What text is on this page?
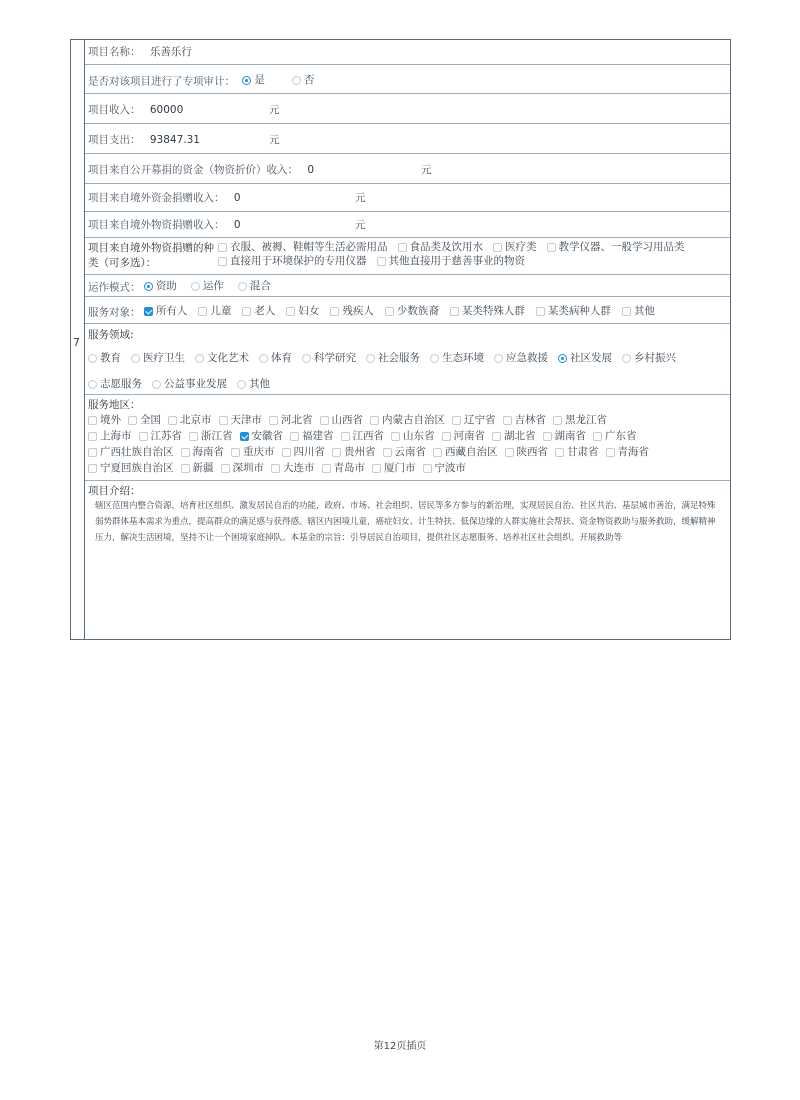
7
项目名称： 乐善乐行
是否对该项目进行了专项审计： 是	否
项目收入： 60000	元
项目支出： 93847.31	元
项目来自公开募捐的资金（物资折价）收入： 0	元
项目来自境外资金捐赠收入： 0	元
项目来自境外物资捐赠收入： 0	元
项目来自境外物资捐赠的种
类（可多选）：
衣服、被褥、鞋帽等生活必需用品 食品类及饮用水 医疗类 教学仪器、一般学习用品类
直接用于环境保护的专用仪器 其他直接用于慈善事业的物资
运作模式： 资助 运作 混合
服务对象： 所有人 儿童 老人 妇女 残疾人 少数族裔 某类特殊人群 某类病种人群 其他
服务领域:
教育 医疗卫生 文化艺术 体育 科学研究 社会服务 生态环境 应急救援 社区发展 乡村振兴
志愿服务 公益事业发展 其他
服务地区：
境外 全国 北京市 天津市 河北省 山西省 内蒙古自治区 辽宁省 吉林省 黑龙江省
上海市 江苏省 浙江省 安徽省 福建省 江西省 山东省 河南省 湖北省 湖南省 广东省
广西壮族自治区 海南省 重庆市 四川省 贵州省 云南省 西藏自治区 陕西省 甘肃省 青海省
宁夏回族自治区 新疆 深圳市 大连市 青岛市 厦门市 宁波市
项目介绍：
辖区范围内整合资源，培育社区组织、激发居民自治的功能，政府、市场、社会组织、居民等多方参与的新治理，实现居民自治、社区共治、基层城市善治，满足特殊弱势群体基本需求为重点，提高群众的满足感与获得感。辖区内困境儿童，癌症妇女、计生特扶、低保边缘的人群实施社会帮扶、资金物资救助与服务救助，缓解精神压力，解决生活困境，坚持不让一个困境家庭掉队。本基金的宗旨：引导居民自治项目，提供社区志愿服务、培养社区社会组织、开展救助等
第12页插页
